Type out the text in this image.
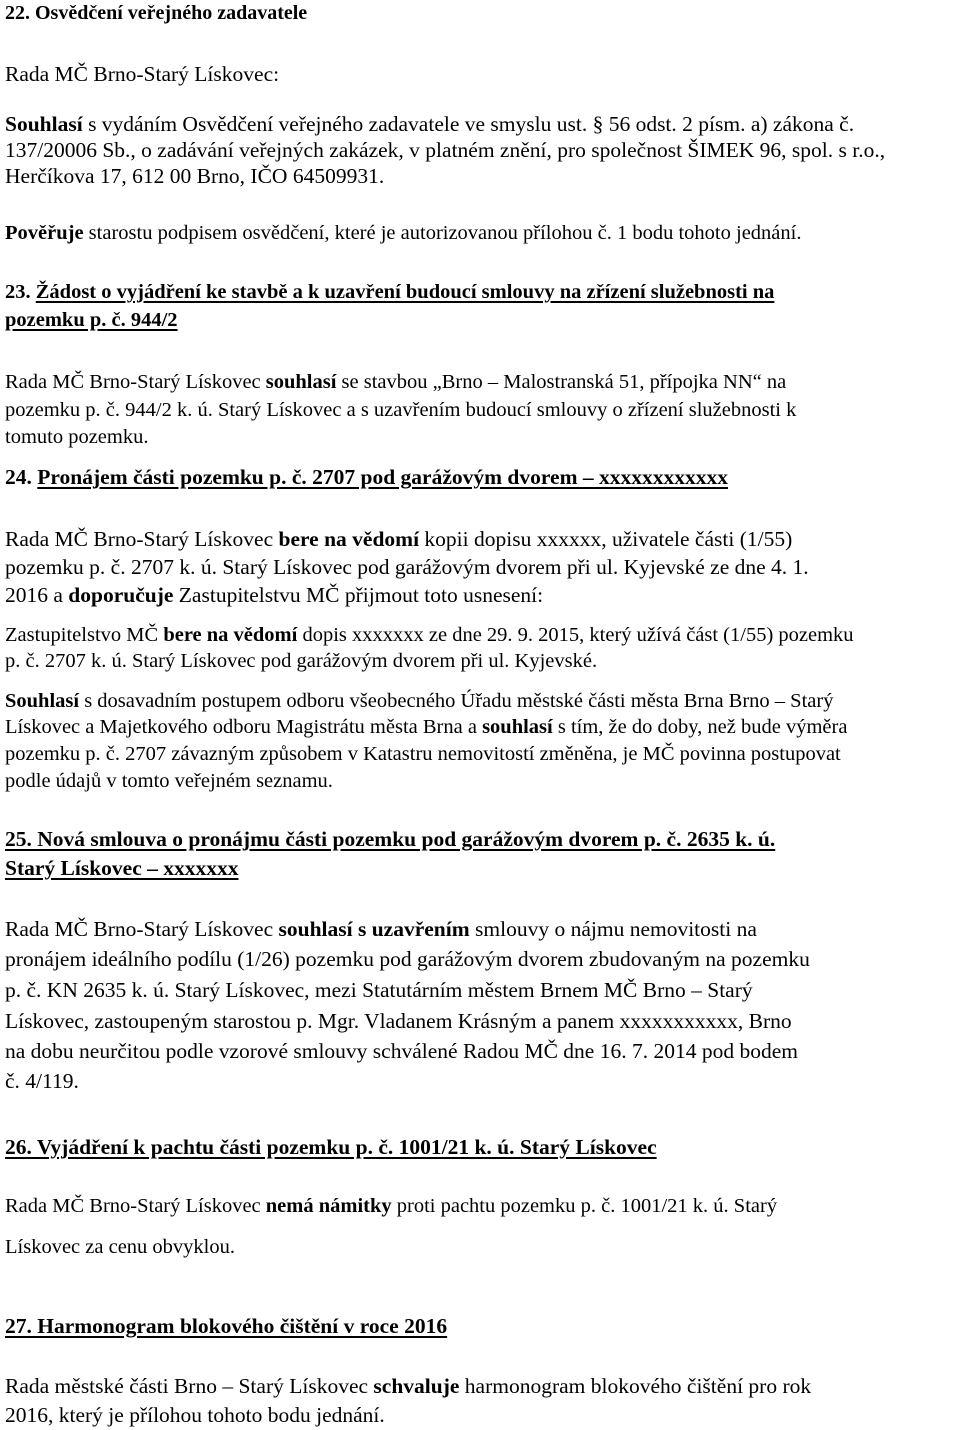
22. Osvědčení veřejného zadavatele
Rada MČ Brno-Starý Lískovec:
Souhlasí s vydáním Osvědčení veřejného zadavatele ve smyslu ust. § 56 odst. 2 písm. a) zákona č.
137/20006 Sb., o zadávání veřejných zakázek, v platném znění, pro společnost ŠIMEK 96, spol. s r.o.,
Herčíkova 17, 612 00 Brno, IČO 64509931.
Pověřuje starostu podpisem osvědčení, které je autorizovanou přílohou č. 1 bodu tohoto jednání.
23. Žádost o vyjádření ke stavbě a k uzavření budoucí smlouvy na zřízení služebnosti na
pozemku p. č. 944/2
Rada MČ Brno-Starý Lískovec souhlasí se stavbou „Brno – Malostranská 51, přípojka NN“ na
pozemku p. č. 944/2 k. ú. Starý Lískovec a s uzavřením budoucí smlouvy o zřízení služebnosti k
tomuto pozemku.
24. Pronájem části pozemku p. č. 2707 pod garážovým dvorem – xxxxxxxxxxxx
Rada MČ Brno-Starý Lískovec bere na vědomí kopii dopisu xxxxxx, uživatele části (1/55)
pozemku p. č. 2707 k. ú. Starý Lískovec pod garážovým dvorem při ul. Kyjevské ze dne 4. 1.
2016 a doporučuje Zastupitelstvu MČ přijmout toto usnesení:
Zastupitelstvo MČ bere na vědomí dopis xxxxxxx ze dne 29. 9. 2015, který užívá část (1/55) pozemku
p. č. 2707 k. ú. Starý Lískovec pod garážovým dvorem při ul. Kyjevské.
Souhlasí s dosavadním postupem odboru všeobecného Úřadu městské části města Brna Brno – Starý
Lískovec a Majetkového odboru Magistrátu města Brna a souhlasí s tím, že do doby, než bude výměra
pozemku p. č. 2707 závazným způsobem v Katastru nemovitostí změněna, je MČ povinna postupovat
podle údajů v tomto veřejném seznamu.
25. Nová smlouva o pronájmu části pozemku pod garážovým dvorem p. č. 2635 k. ú.
Starý Lískovec – xxxxxxx
Rada MČ Brno-Starý Lískovec souhlasí s uzavřením smlouvy o nájmu nemovitosti na
pronájem ideálního podílu (1/26) pozemku pod garážovým dvorem zbudovaným na pozemku
p. č. KN 2635 k. ú. Starý Lískovec, mezi Statutárním městem Brnem MČ Brno – Starý
Lískovec, zastoupeným starostou p. Mgr. Vladanem Krásným a panem xxxxxxxxxxx, Brno
na dobu neurčitou podle vzorové smlouvy schválené Radou MČ dne 16. 7. 2014 pod bodem
č. 4/119.
26. Vyjádření k pachtu části pozemku p. č. 1001/21 k. ú. Starý Lískovec
Rada MČ Brno-Starý Lískovec nemá námitky proti pachtu pozemku p. č. 1001/21 k. ú. Starý
Lískovec za cenu obvyklou.
27. Harmonogram blokového čištění v roce 2016
Rada městské části Brno – Starý Lískovec schvaluje harmonogram blokového čištění pro rok
2016, který je přílohou tohoto bodu jednání.
